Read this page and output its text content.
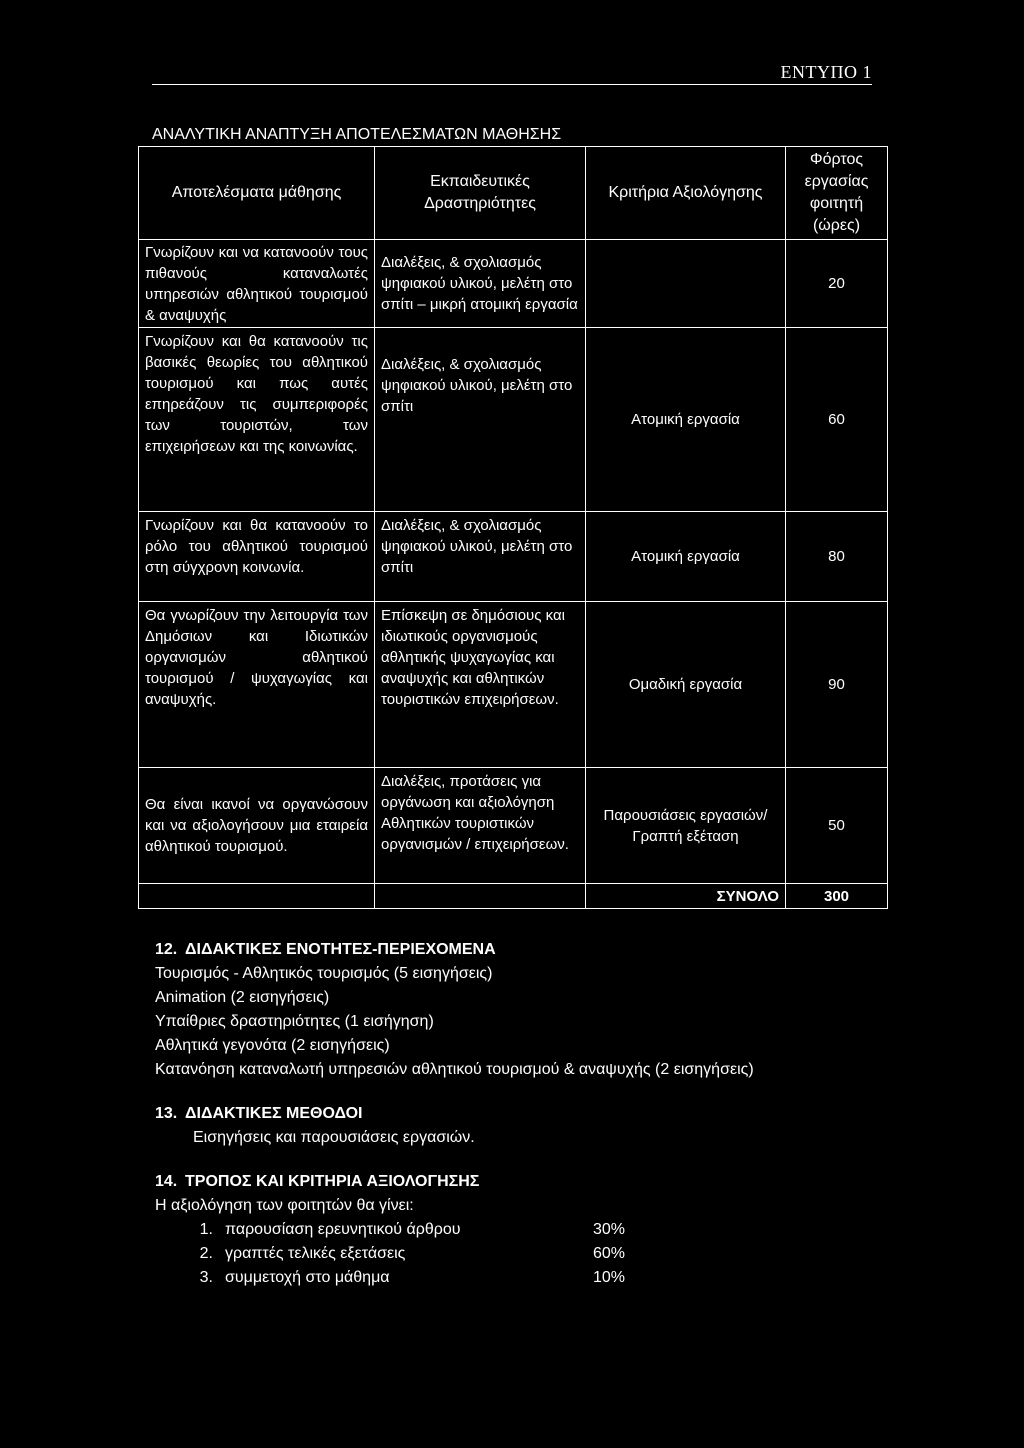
ΕΝΤΥΠΟ 1
ΑΝΑΛΥΤΙΚΗ ΑΝΑΠΤΥΞΗ ΑΠΟΤΕΛΕΣΜΑΤΩΝ ΜΑΘΗΣΗΣ
Αποτελέσματα μάθησης	Εκπαιδευτικές Δραστηριότητες	Κριτήρια Αξιολόγησης	Φόρτος εργασίας φοιτητή (ώρες)
Γνωρίζουν και να κατανοούν τους πιθανούς καταναλωτές υπηρεσιών αθλητικού τουρισμού & αναψυχής	Διαλέξεις, & σχολιασμός ψηφιακού υλικού, μελέτη στο σπίτι – μικρή ατομική εργασία		20
Γνωρίζουν και θα κατανοούν τις βασικές θεωρίες του αθλητικού τουρισμού και πως αυτές επηρεάζουν τις συμπεριφορές των τουριστών, των επιχειρήσεων και της κοινωνίας.	Διαλέξεις, & σχολιασμός ψηφιακού υλικού, μελέτη στο σπίτι	Ατομική εργασία	60
Γνωρίζουν και θα κατανοούν το ρόλο του αθλητικού τουρισμού στη σύγχρονη κοινωνία.	Διαλέξεις, & σχολιασμός ψηφιακού υλικού, μελέτη στο σπίτι	Ατομική εργασία	80
Θα γνωρίζουν την λειτουργία των Δημόσιων και Ιδιωτικών οργανισμών αθλητικού τουρισμού / ψυχαγωγίας και αναψυχής.	Επίσκεψη σε δημόσιους και ιδιωτικούς οργανισμούς αθλητικής ψυχαγωγίας και αναψυχής και αθλητικών τουριστικών επιχειρήσεων.	Ομαδική εργασία	90
Θα είναι ικανοί να οργανώσουν και να αξιολογήσουν μια εταιρεία αθλητικού τουρισμού.	Διαλέξεις, προτάσεις για οργάνωση και αξιολόγηση Αθλητικών τουριστικών οργανισμών / επιχειρήσεων.	Παρουσιάσεις εργασιών/Γραπτή εξέταση	50
		ΣΥΝΟΛΟ	300

12. ΔΙΔΑΚΤΙΚΕΣ ΕΝΟΤΗΤΕΣ-ΠΕΡΙΕΧΟΜΕΝΑ

Τουρισμός - Αθλητικός τουρισμός (5 εισηγήσεις)

Animation (2 εισηγήσεις)

Υπαίθριες δραστηριότητες (1 εισήγηση)

Αθλητικά γεγονότα (2 εισηγήσεις)

Κατανόηση καταναλωτή υπηρεσιών αθλητικού τουρισμού & αναψυχής (2 εισηγήσεις)

13. ΔΙΔΑΚΤΙΚΕΣ ΜΕΘΟΔΟΙ

Εισηγήσεις και παρουσιάσεις εργασιών.

14. ΤΡΟΠΟΣ ΚΑΙ ΚΡΙΤΗΡΙΑ ΑΞΙΟΛΟΓΗΣΗΣ

Η αξιολόγηση των φοιτητών θα γίνει:

1. παρουσίαση ερευνητικού άρθρου	30%
2. γραπτές τελικές εξετάσεις	60%
3. συμμετοχή στο μάθημα	10%
